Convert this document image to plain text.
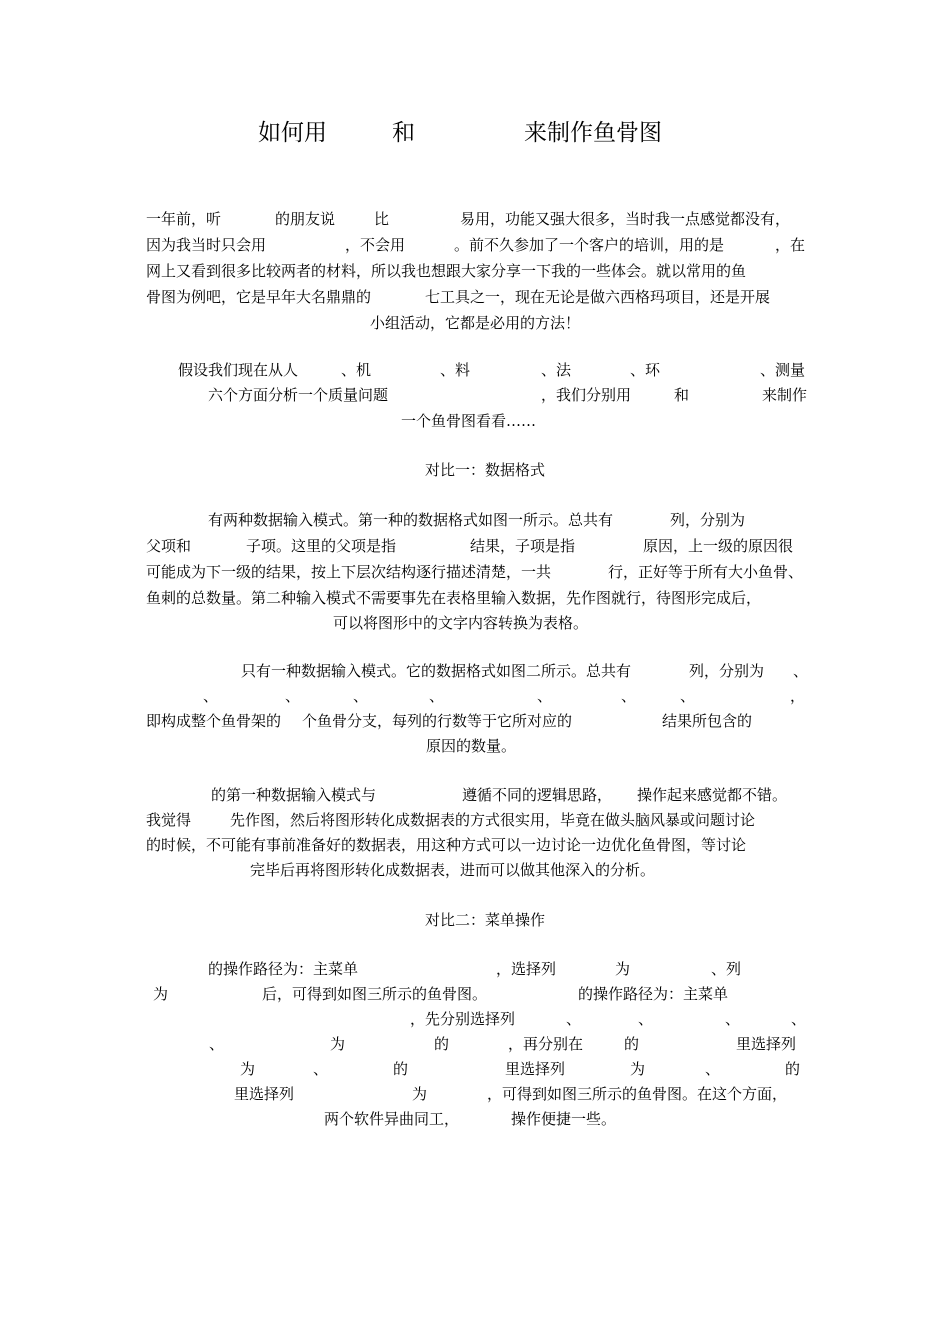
如何用	和	来制作鱼骨图
一年前，听	的朋友说	比	易用，功能又强大很多，当时我一点感觉都没有，
因为我当时只会用	，不会用	。前不久参加了一个客户的培训，用的是	，在
网上又看到很多比较两者的材料，所以我也想跟大家分享一下我的一些体会。就以常用的鱼
骨图为例吧，它是早年大名鼎鼎的	七工具之一，现在无论是做六西格玛项目，还是开展
小组活动，它都是必用的方法！
假设我们现在从人	、机	、料	、法	、环	、测量
六个方面分析一个质量问题	，我们分别用	和	来制作
一个鱼骨图看看……
对比一：数据格式
有两种数据输入模式。第一种的数据格式如图一所示。总共有	列，分别为
父项和	子项。这里的父项是指	结果，子项是指	原因，上一级的原因很
可能成为下一级的结果，按上下层次结构逐行描述清楚，一共	行，正好等于所有大小鱼骨、
鱼刺的总数量。第二种输入模式不需要事先在表格里输入数据，先作图就行，待图形完成后，
可以将图形中的文字内容转换为表格。
只有一种数据输入模式。它的数据格式如图二所示。总共有	列，分别为 、
、	、	、	、	、	、	、	，
即构成整个鱼骨架的 个鱼骨分支，每列的行数等于它所对应的	结果所包含的
原因的数量。
的第一种数据输入模式与	遵循不同的逻辑思路， 操作起来感觉都不错。
我觉得	先作图，然后将图形转化成数据表的方式很实用，毕竟在做头脑风暴或问题讨论
的时候，不可能有事前准备好的数据表，用这种方式可以一边讨论一边优化鱼骨图，等讨论
完毕后再将图形转化成数据表，进而可以做其他深入的分析。
对比二：菜单操作
的操作路径为：主菜单	，选择列	为	、列
为	后，可得到如图三所示的鱼骨图。	的操作路径为：主菜单
，先分别选择列	、	、	、	、
、	为	的	，再分别在	的	里选择列
为	、	的	里选择列	为	、	的
里选择列	为	，可得到如图三所示的鱼骨图。在这个方面，
两个软件异曲同工，	操作便捷一些。
